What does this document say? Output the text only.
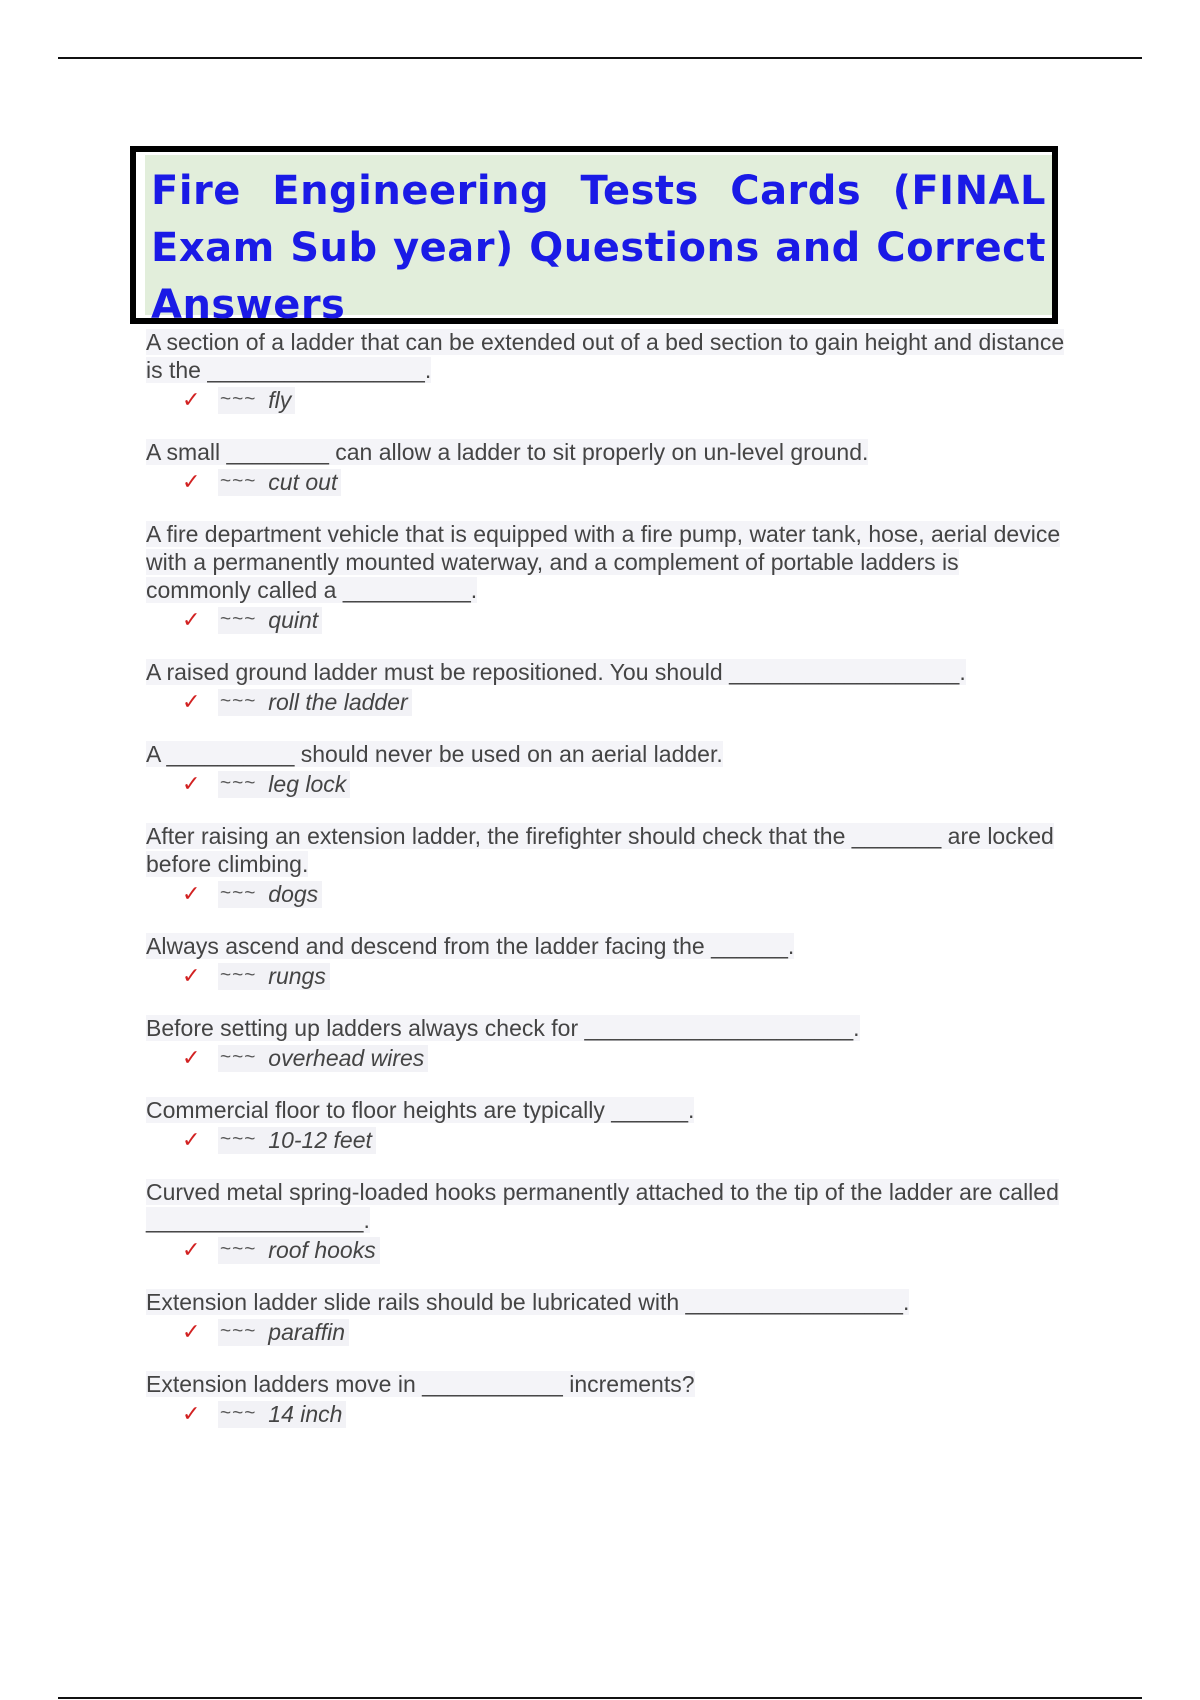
Fire Engineering Tests Cards (FINAL Exam Sub year) Questions and Correct Answers
A section of a ladder that can be extended out of a bed section to gain height and distance is the _________________.
✓	~~~ fly
A small ________ can allow a ladder to sit properly on un-level ground.
✓	~~~ cut out
A fire department vehicle that is equipped with a fire pump, water tank, hose, aerial device with a permanently mounted waterway, and a complement of portable ladders is commonly called a __________.
✓	~~~ quint
A raised ground ladder must be repositioned. You should __________________.
✓	~~~ roll the ladder
A __________ should never be used on an aerial ladder.
✓	~~~ leg lock
After raising an extension ladder, the firefighter should check that the _______ are locked before climbing.
✓	~~~ dogs
Always ascend and descend from the ladder facing the ______.
✓	~~~ rungs
Before setting up ladders always check for _____________________.
✓	~~~ overhead wires
Commercial floor to floor heights are typically ______.
✓	~~~ 10-12 feet
Curved metal spring-loaded hooks permanently attached to the tip of the ladder are called _________________.
✓	~~~ roof hooks
Extension ladder slide rails should be lubricated with _________________.
✓	~~~ paraffin
Extension ladders move in ___________ increments?
✓	~~~ 14 inch
